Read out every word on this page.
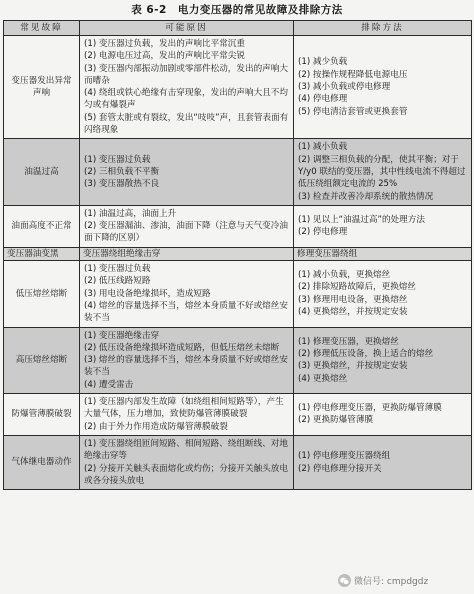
表 6-2　电力变压器的常见故障及排除方法
常见故障	可能原因	排除方法
变压器发出异常声响	(1) 变压器过负载，发出的声响比平常沉重
(2) 电源电压过高，发出的声响比平常尖锐
(3) 变压器内部振动加剧或零部件松动，发出的声响大而嘈杂
(4) 绕组或铁心绝缘有击穿现象，发出的声响大且不均匀或有爆裂声
(5) 套管太脏或有裂纹，发出“吱吱”声，且套管表面有闪络现象	(1) 减少负载
(2) 按操作规程降低电源电压
(3) 减小负载或停电修理
(4) 停电修理
(5) 停电清洁套管或更换套管

油温过高	(1) 变压器过负载
(2) 三相负载不平衡
(3) 变压器散热不良	(1) 减小负载
(2) 调整三相负载的分配，使其平衡；对于 Y/y0 联结的变压器，其中性线电流不得超过低压绕组额定电流的 25%
(3) 检查并改善冷却系统的散热情况

油面高度不正常	(1) 油温过高，油面上升
(2) 变压器漏油、渗油，油面下降（注意与天气变冷油面下降的区别）	(1) 见以上“油温过高”的处理方法
(2) 停电修理

变压器油变黑	变压器绕组绝缘击穿	修理变压器绕组
低压熔丝熔断	(1) 变压器过负载
(2) 低压线路短路
(3) 用电设备绝缘损坏，造成短路
(4) 熔丝的容量选择不当，熔丝本身质量不好或熔丝安装不当	(1) 减小负载，更换熔丝
(2) 排除短路故障后，更换熔丝
(3) 修理用电设备，更换熔丝
(4) 更换熔丝，并按规定安装

高压熔丝熔断	(1) 变压器绝缘击穿
(2) 低压设备绝缘损坏造成短路，但低压熔丝未熔断
(3) 熔丝的容量选择不当，熔丝本身质量不好或熔丝安装不当
(4) 遭受雷击	(1) 修理变压器，更换熔丝
(2) 修理低压设备，换上适合的熔丝
(3) 更换熔丝，并按规定安装
(4) 更换熔丝

防爆管薄膜破裂	(1) 变压器内部发生故障（如绕组相间短路等），产生大量气体，压力增加，致使防爆管薄膜破裂
(2) 由于外力作用造成防爆管薄膜破裂	(1) 停电修理变压器，更换防爆管薄膜
(2) 更换防爆管薄膜

气体继电器动作	(1) 变压器绕组匝间短路、相间短路、绕组断线、对地绝缘击穿等
(2) 分接开关触头表面熔化或灼伤；分接开关触头放电或各分接头放电	(1) 停电修理变压器绕组
(2) 停电修理分接开关
微信号: cmpdgdz
